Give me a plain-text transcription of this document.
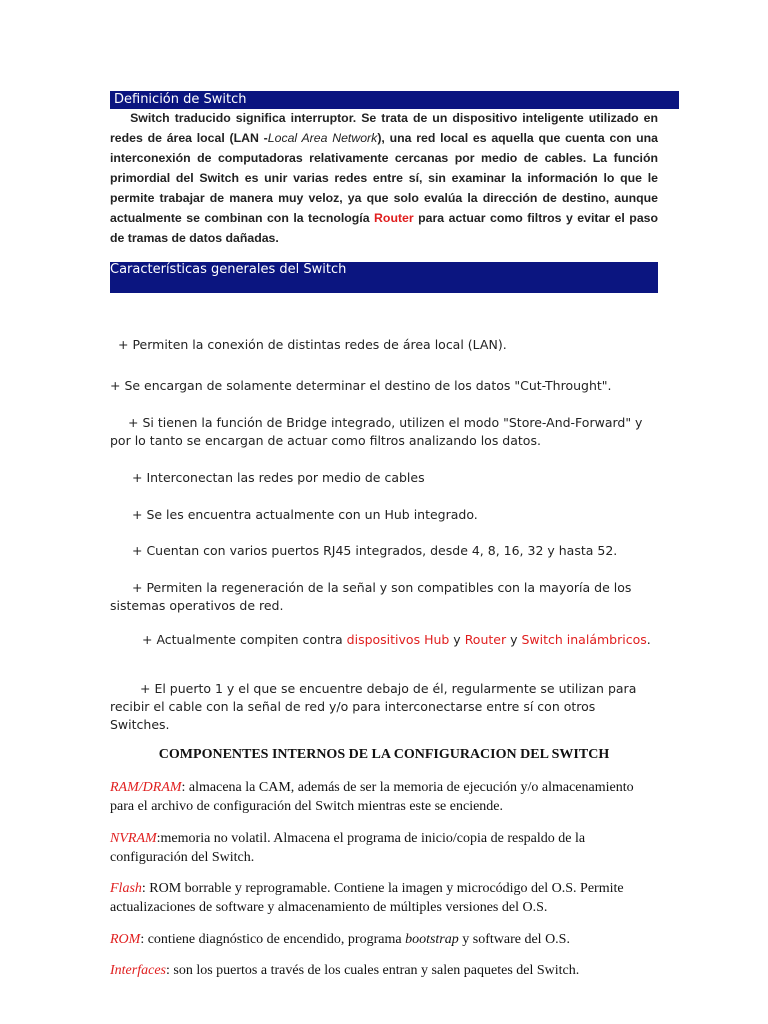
Definición de Switch
Switch traducido significa interruptor. Se trata de un dispositivo inteligente utilizado en redes de área local (LAN -Local Area Network), una red local es aquella que cuenta con una interconexión de computadoras relativamente cercanas por medio de cables. La función primordial del Switch es unir varias redes entre sí, sin examinar la información lo que le permite trabajar de manera muy veloz, ya que solo evalúa la dirección de destino, aunque actualmente se combinan con la tecnología Router para actuar como filtros y evitar el paso de tramas de datos dañadas.
Características generales del Switch
+ Permiten la conexión de distintas redes de área local (LAN).
+ Se encargan de solamente determinar el destino de los datos "Cut-Throught".
+ Si tienen la función de Bridge integrado, utilizen el modo "Store-And-Forward" y por lo tanto se encargan de actuar como filtros analizando los datos.
+ Interconectan las redes por medio de cables
+ Se les encuentra actualmente con un Hub integrado.
+ Cuentan con varios puertos RJ45 integrados, desde 4, 8, 16, 32 y hasta 52.
+ Permiten la regeneración de la señal y son compatibles con la mayoría de los sistemas operativos de red.
+ Actualmente compiten contra dispositivos Hub y Router y Switch inalámbricos.
+ El puerto 1 y el que se encuentre debajo de él, regularmente se utilizan para recibir el cable con la señal de red y/o para interconectarse entre sí con otros Switches.
COMPONENTES INTERNOS DE LA CONFIGURACION DEL SWITCH
RAM/DRAM: almacena la CAM, además de ser la memoria de ejecución y/o almacenamiento para el archivo de configuración del Switch mientras este se enciende.
NVRAM:memoria no volatil. Almacena el programa de inicio/copia de respaldo de la configuración del Switch.
Flash: ROM borrable y reprogramable. Contiene la imagen y microcódigo del O.S. Permite actualizaciones de software y almacenamiento de múltiples versiones del O.S.
ROM: contiene diagnóstico de encendido, programa bootstrap y software del O.S.
Interfaces: son los puertos a través de los cuales entran y salen paquetes del Switch.
